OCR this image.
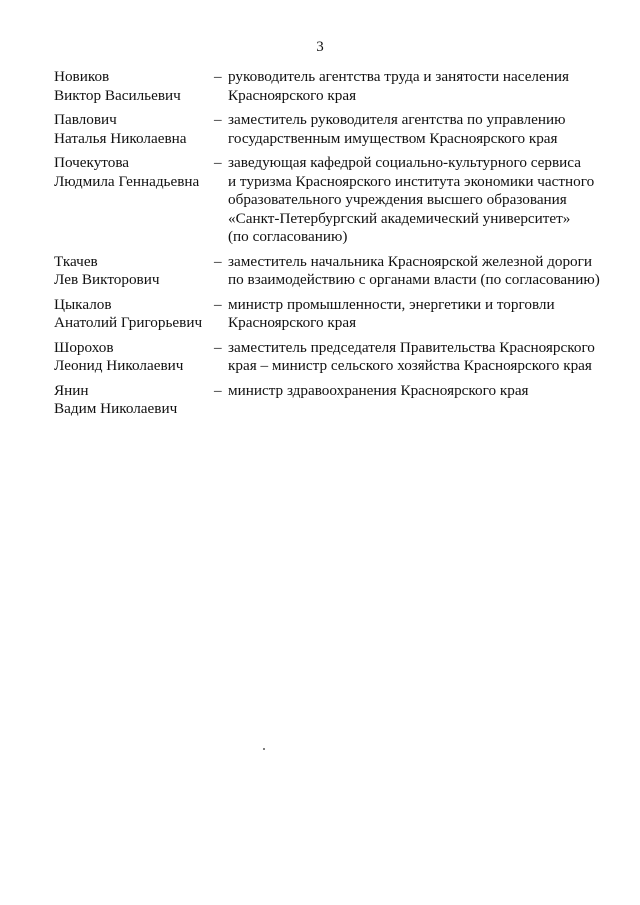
3
Новиков
Виктор Васильевич
– руководитель агентства труда и занятости населения
Красноярского края
Павлович
Наталья Николаевна
– заместитель руководителя агентства по управлению
государственным имуществом Красноярского края
Почекутова
Людмила Геннадьевна
– заведующая кафедрой социально-культурного сервиса
и туризма Красноярского института экономики частного
образовательного учреждения высшего образования
«Санкт-Петербургский академический университет»
(по согласованию)
Ткачев
Лев Викторович
– заместитель начальника Красноярской железной дороги
по взаимодействию с органами власти (по согласованию)
Цыкалов
Анатолий Григорьевич
– министр промышленности, энергетики и торговли
Красноярского края
Шорохов
Леонид Николаевич
– заместитель председателя Правительства Красноярского
края – министр сельского хозяйства Красноярского края
Янин
Вадим Николаевич
– министр здравоохранения Красноярского края
